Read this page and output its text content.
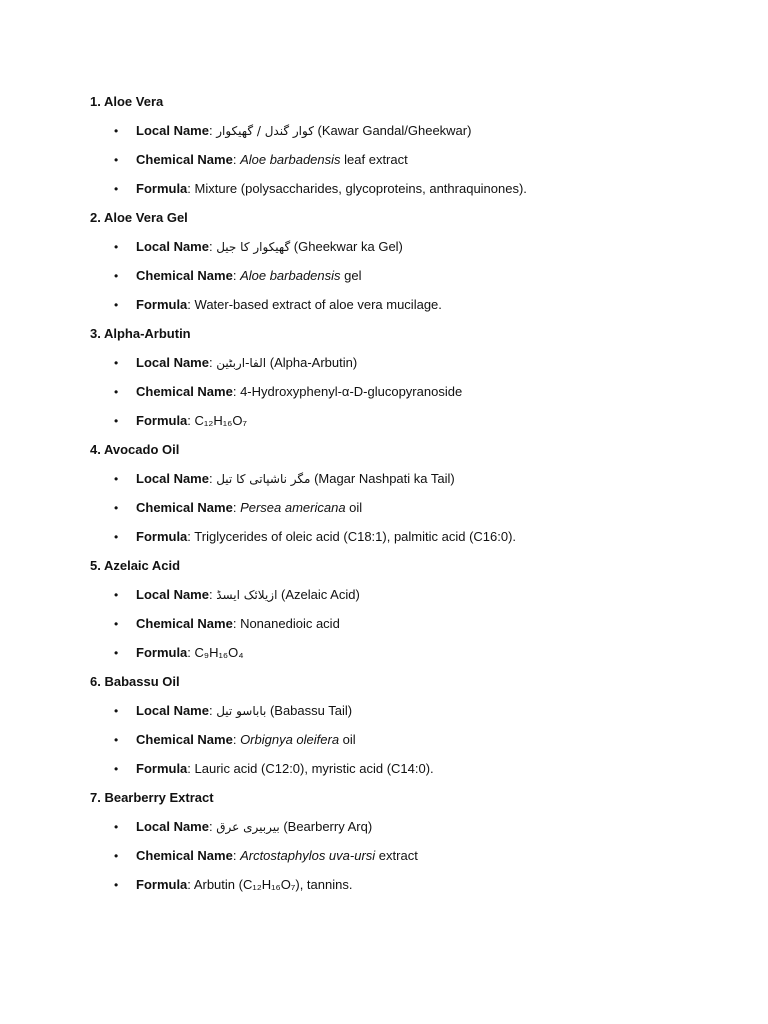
1. Aloe Vera
• Local Name: کوار گندل / گھیکوار (Kawar Gandal/Gheekwar)
• Chemical Name: Aloe barbadensis leaf extract
• Formula: Mixture (polysaccharides, glycoproteins, anthraquinones).
2. Aloe Vera Gel
• Local Name: گھیکوار کا جیل (Gheekwar ka Gel)
• Chemical Name: Aloe barbadensis gel
• Formula: Water-based extract of aloe vera mucilage.
3. Alpha-Arbutin
• Local Name: الفا-اربٹین (Alpha-Arbutin)
• Chemical Name: 4-Hydroxyphenyl-α-D-glucopyranoside
• Formula: C₁₂H₁₆O₇
4. Avocado Oil
• Local Name: مگر ناشپاتی کا تیل (Magar Nashpati ka Tail)
• Chemical Name: Persea americana oil
• Formula: Triglycerides of oleic acid (C18:1), palmitic acid (C16:0).
5. Azelaic Acid
• Local Name: ازیلائک ایسڈ (Azelaic Acid)
• Chemical Name: Nonanedioic acid
• Formula: C₉H₁₆O₄
6. Babassu Oil
• Local Name: باباسو تیل (Babassu Tail)
• Chemical Name: Orbignya oleifera oil
• Formula: Lauric acid (C12:0), myristic acid (C14:0).
7. Bearberry Extract
• Local Name: بیربیری عرق (Bearberry Arq)
• Chemical Name: Arctostaphylos uva-ursi extract
• Formula: Arbutin (C₁₂H₁₆O₇), tannins.
